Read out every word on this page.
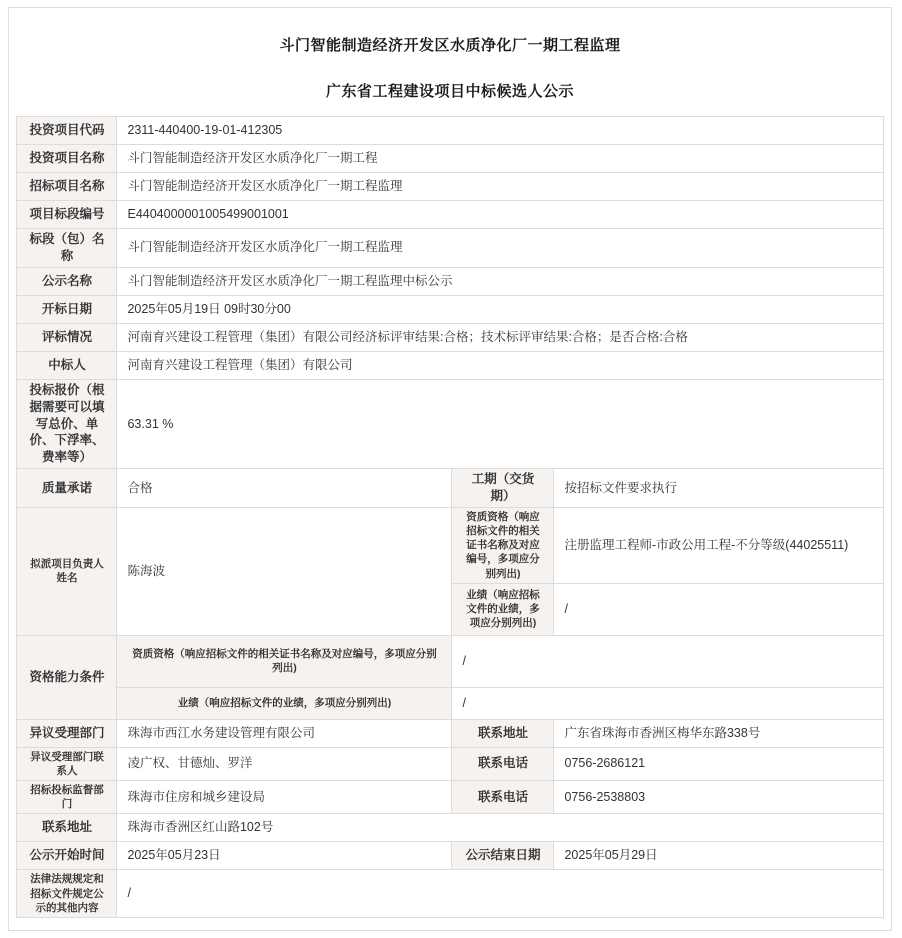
斗门智能制造经济开发区水质净化厂一期工程监理
广东省工程建设项目中标候选人公示
投资项目代码	2311-440400-19-01-412305		
投资项目名称	斗门智能制造经济开发区水质净化厂一期工程		
招标项目名称	斗门智能制造经济开发区水质净化厂一期工程监理		
项目标段编号	E4404000001005499001001		
标段（包）名称	斗门智能制造经济开发区水质净化厂一期工程监理		
公示名称	斗门智能制造经济开发区水质净化厂一期工程监理中标公示		
开标日期	2025年05月19日 09时30分00		
评标情况	河南育兴建设工程管理（集团）有限公司经济标评审结果:合格；技术标评审结果:合格；是否合格:合格		
中标人	河南育兴建设工程管理（集团）有限公司		
投标报价（根据需要可以填写总价、单价、下浮率、费率等）	63.31 %		
质量承诺	合格	工期（交货期）	按招标文件要求执行
拟派项目负责人姓名	陈海波	资质资格（响应招标文件的相关证书名称及对应编号，多项应分别列出)	注册监理工程师-市政公用工程-不分等级(44025511)
		业绩（响应招标文件的业绩，多项应分别列出)	/
资格能力条件	资质资格（响应招标文件的相关证书名称及对应编号，多项应分别列出)	/	
	业绩（响应招标文件的业绩，多项应分别列出)	/	
异议受理部门	珠海市西江水务建设管理有限公司	联系地址	广东省珠海市香洲区梅华东路338号
异议受理部门联系人	凌广权、甘德灿、罗洋	联系电话	0756-2686121
招标投标监督部门	珠海市住房和城乡建设局	联系电话	0756-2538803
联系地址	珠海市香洲区红山路102号		
公示开始时间	2025年05月23日	公示结束日期	2025年05月29日
法律法规规定和招标文件规定公示的其他内容	/		
